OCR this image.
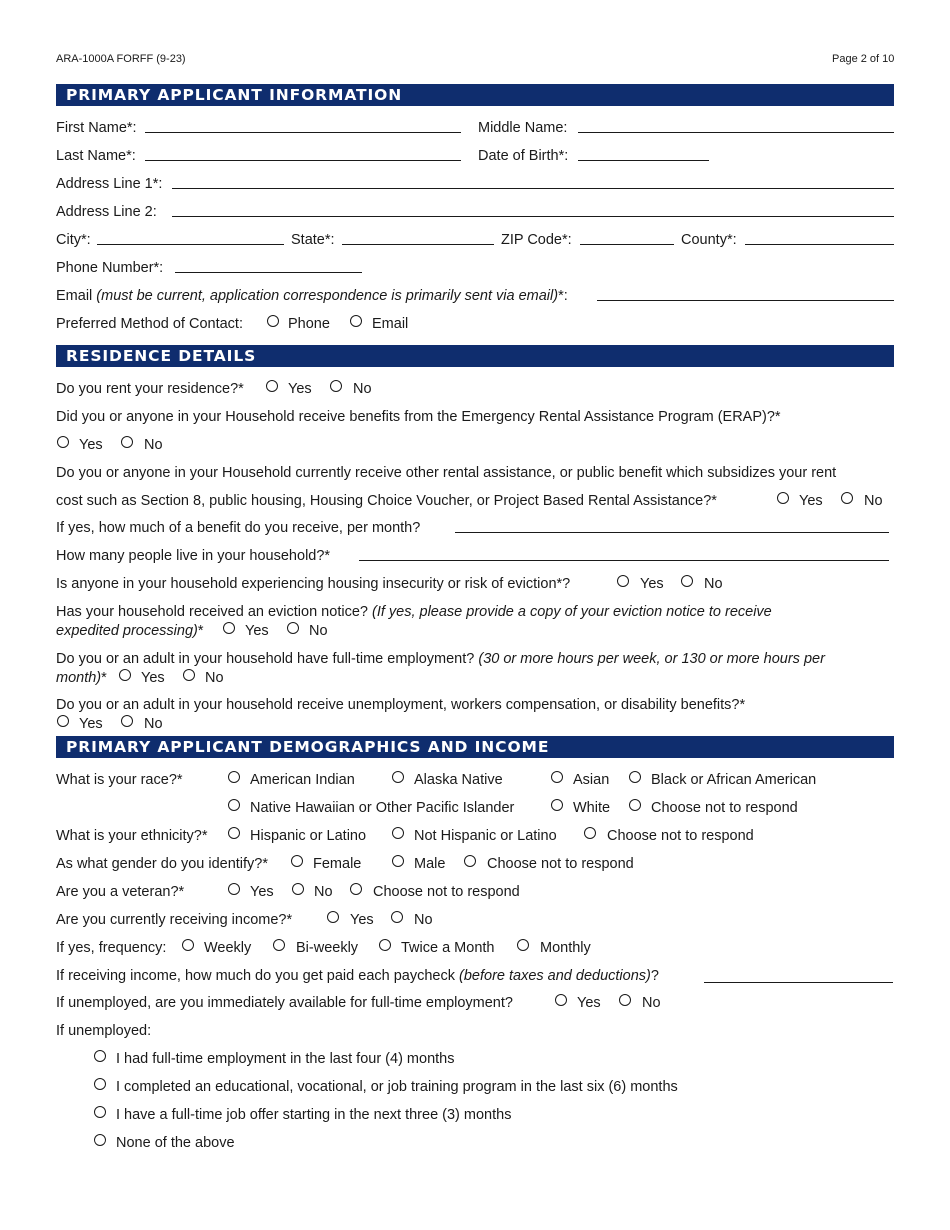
ARA-1000A FORFF (9-23)	Page 2 of 10
PRIMARY APPLICANT INFORMATION
First Name*:	Middle Name:
Last Name*:	Date of Birth*:
Address Line 1*:
Address Line 2:
City*:	State*:	ZIP Code*:	County*:
Phone Number*:
Email (must be current, application correspondence is primarily sent via email)*:
Preferred Method of Contact:	Phone	Email
RESIDENCE DETAILS
Do you rent your residence?*	Yes	No
Did you or anyone in your Household receive benefits from the Emergency Rental Assistance Program (ERAP)?*
Yes	No
Do you or anyone in your Household currently receive other rental assistance, or public benefit which subsidizes your rent
cost such as Section 8, public housing, Housing Choice Voucher, or Project Based Rental Assistance?*	Yes	No
If yes, how much of a benefit do you receive, per month?
How many people live in your household?*
Is anyone in your household experiencing housing insecurity or risk of eviction*?	Yes	No
Has your household received an eviction notice? (If yes, please provide a copy of your eviction notice to receive
expedited processing)*	Yes	No
Do you or an adult in your household have full-time employment? (30 or more hours per week, or 130 or more hours per
month)* Yes	No
Do you or an adult in your household receive unemployment, workers compensation, or disability benefits?*
Yes	No
PRIMARY APPLICANT DEMOGRAPHICS AND INCOME
What is your race?*	American Indian	Alaska Native	Asian	Black or African American
Native Hawaiian or Other Pacific Islander	White	Choose not to respond
What is your ethnicity?*	Hispanic or Latino	Not Hispanic or Latino	Choose not to respond
As what gender do you identify?*	Female	Male	Choose not to respond
Are you a veteran?*	Yes	No	Choose not to respond
Are you currently receiving income?*	Yes	No
If yes, frequency:	Weekly	Bi-weekly	Twice a Month	Monthly
If receiving income, how much do you get paid each paycheck (before taxes and deductions)?
If unemployed, are you immediately available for full-time employment?	Yes	No
If unemployed:
I had full-time employment in the last four (4) months
I completed an educational, vocational, or job training program in the last six (6) months
I have a full-time job offer starting in the next three (3) months
None of the above
